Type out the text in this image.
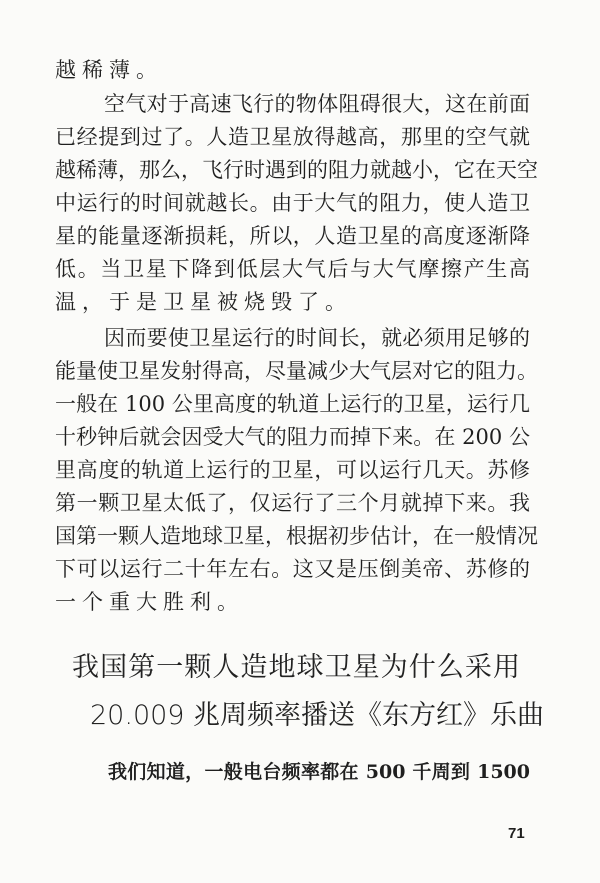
越稀薄。
空气对于高速飞行的物体阻碍很大，这在前面
已经提到过了。人造卫星放得越高，那里的空气就
越稀薄，那么，飞行时遇到的阻力就越小，它在天空
中运行的时间就越长。由于大气的阻力，使人造卫
星的能量逐渐损耗，所以，人造卫星的高度逐渐降
低。当卫星下降到低层大气后与大气摩擦产生高
温，于是卫星被烧毁了。
因而要使卫星运行的时间长，就必须用足够的
能量使卫星发射得高，尽量减少大气层对它的阻力。
一般在 100 公里高度的轨道上运行的卫星，运行几
十秒钟后就会因受大气的阻力而掉下来。在 200 公
里高度的轨道上运行的卫星，可以运行几天。苏修
第一颗卫星太低了，仅运行了三个月就掉下来。我
国第一颗人造地球卫星，根据初步估计，在一般情况
下可以运行二十年左右。这又是压倒美帝、苏修的
一个重大胜利。
我国第一颗人造地球卫星为什么采用
20.009 兆周频率播送《东方红》乐曲
我们知道，一般电台频率都在 500 千周到 1500
71
